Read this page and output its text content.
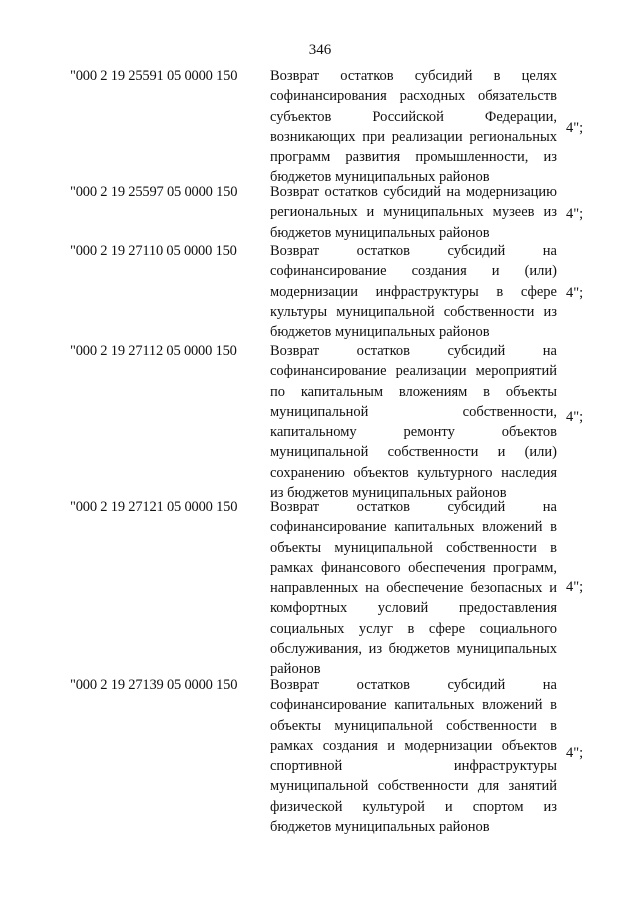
346
"000 2 19 25591 05 0000 150 Возврат остатков субсидий в целях
софинансирования расходных обязательств
субъектов Российской Федерации,
возникающих при реализации региональных
программ развития промышленности, из
бюджетов муниципальных районов
4";
"000 2 19 25597 05 0000 150 Возврат остатков субсидий на модернизацию
региональных и муниципальных музеев из
бюджетов муниципальных районов
4";
"000 2 19 27110 05 0000 150 Возврат остатков субсидий на
софинансирование создания и (или)
модернизации инфраструктуры в сфере
культуры муниципальной собственности из
бюджетов муниципальных районов
4";
"000 2 19 27112 05 0000 150 Возврат остатков субсидий на
софинансирование реализации мероприятий
по капитальным вложениям в объекты
муниципальной собственности,
капитальному ремонту объектов
муниципальной собственности и (или)
сохранению объектов культурного наследия
из бюджетов муниципальных районов
4";
"000 2 19 27121 05 0000 150 Возврат остатков субсидий на
софинансирование капитальных вложений в
объекты муниципальной собственности в
рамках финансового обеспечения программ,
направленных на обеспечение безопасных и
комфортных условий предоставления
социальных услуг в сфере социального
обслуживания, из бюджетов муниципальных
районов
4";
"000 2 19 27139 05 0000 150 Возврат остатков субсидий на
софинансирование капитальных вложений в
объекты муниципальной собственности в
рамках создания и модернизации объектов
спортивной инфраструктуры
муниципальной собственности для занятий
физической культурой и спортом из
бюджетов муниципальных районов
4";
